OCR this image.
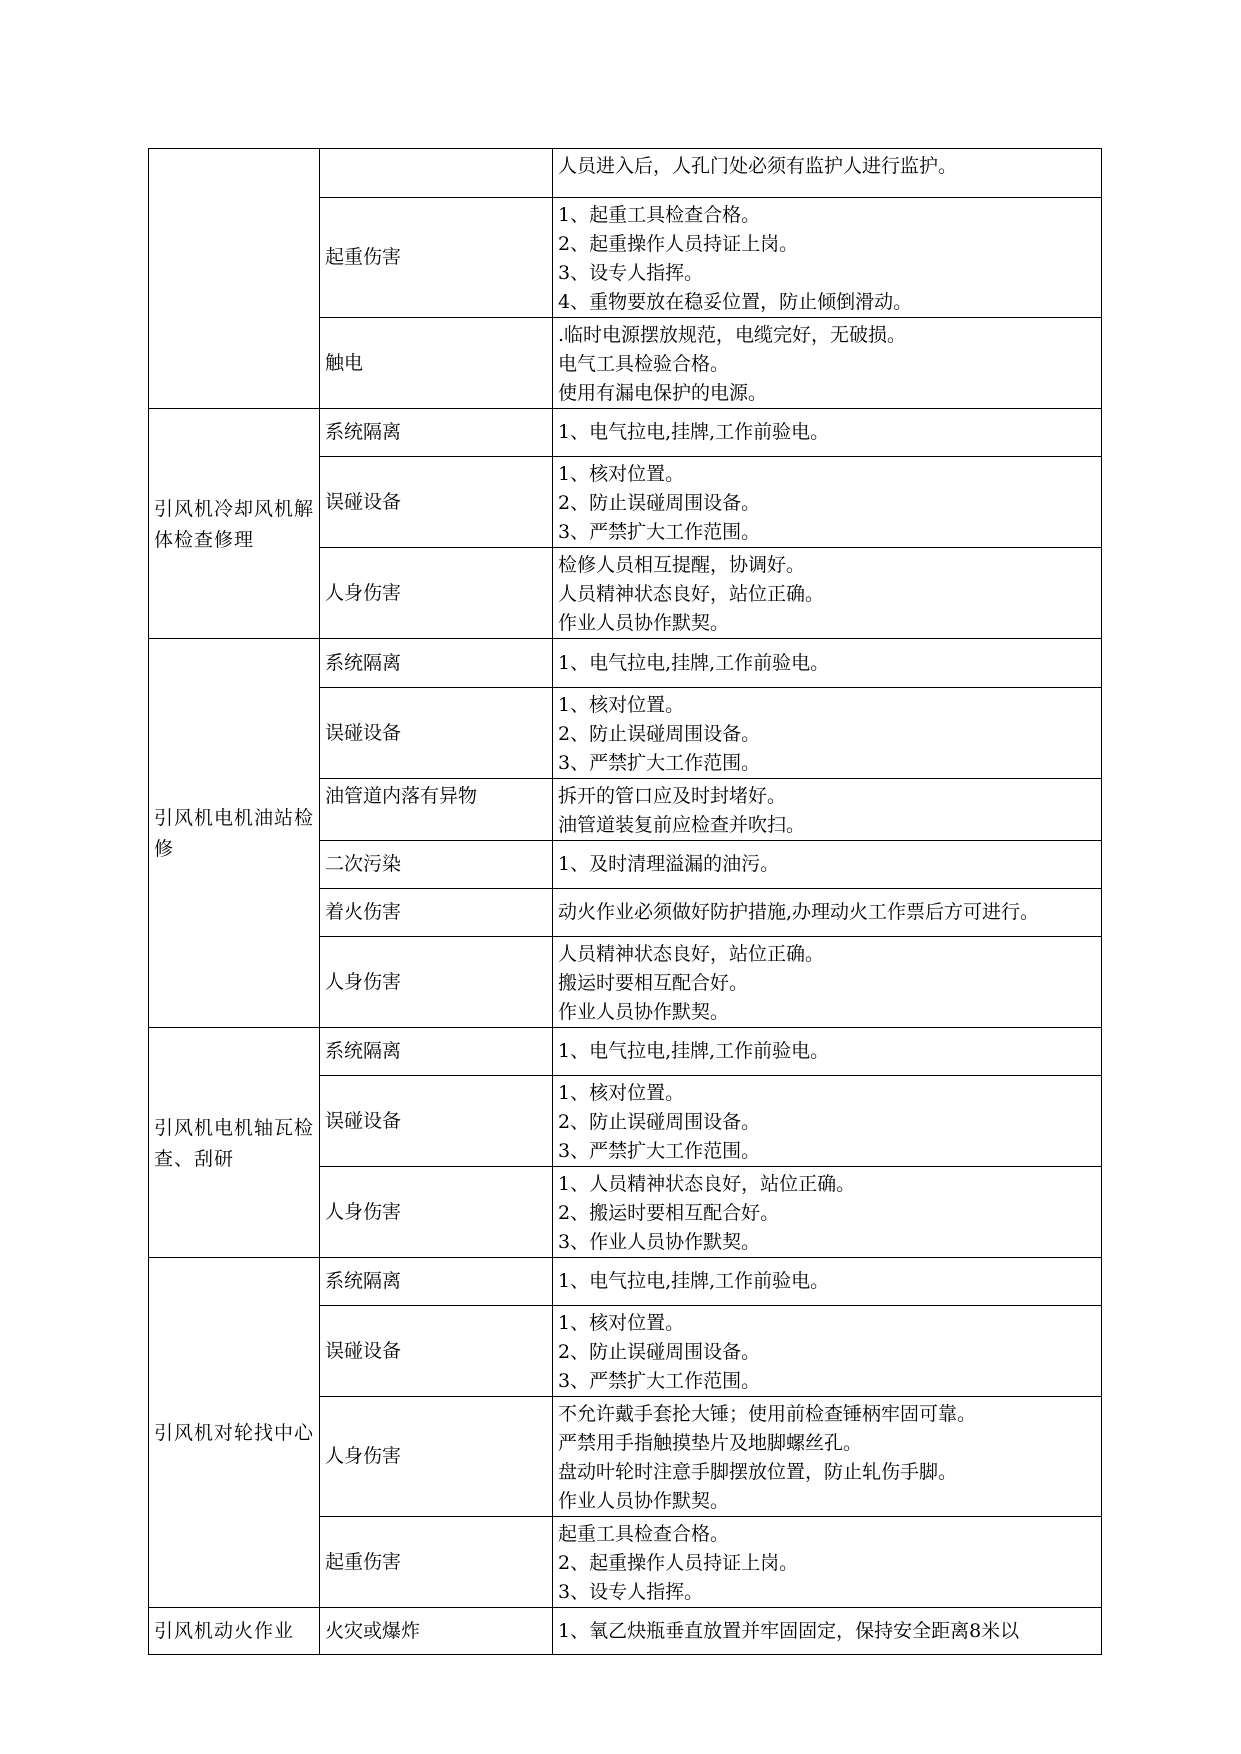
		人员进入后，人孔门处必须有监护人进行监护。

	起重伤害	1、起重工具检查合格。
2、起重操作人员持证上岗。
3、设专人指挥。
4、重物要放在稳妥位置，防止倾倒滑动。

	触电	.临时电源摆放规范，电缆完好，无破损。
电气工具检验合格。
使用有漏电保护的电源。

引风机冷却风机解体检查修理	系统隔离	1、电气拉电,挂牌,工作前验电。

	误碰设备	1、核对位置。
2、防止误碰周围设备。
3、严禁扩大工作范围。

	人身伤害	检修人员相互提醒，协调好。
人员精神状态良好，站位正确。
作业人员协作默契。

引风机电机油站检修	系统隔离	1、电气拉电,挂牌,工作前验电。

	误碰设备	1、核对位置。
2、防止误碰周围设备。
3、严禁扩大工作范围。

	油管道内落有异物	拆开的管口应及时封堵好。
油管道装复前应检查并吹扫。

	二次污染	1、及时清理溢漏的油污。

	着火伤害	动火作业必须做好防护措施,办理动火工作票后方可进行。

	人身伤害	人员精神状态良好，站位正确。
搬运时要相互配合好。
作业人员协作默契。

引风机电机轴瓦检查、刮研	系统隔离	1、电气拉电,挂牌,工作前验电。

	误碰设备	1、核对位置。
2、防止误碰周围设备。
3、严禁扩大工作范围。

	人身伤害	1、人员精神状态良好，站位正确。
2、搬运时要相互配合好。
3、作业人员协作默契。

引风机对轮找中心	系统隔离	1、电气拉电,挂牌,工作前验电。

	误碰设备	1、核对位置。
2、防止误碰周围设备。
3、严禁扩大工作范围。

	人身伤害	不允许戴手套抡大锤；使用前检查锤柄牢固可靠。
严禁用手指触摸垫片及地脚螺丝孔。
盘动叶轮时注意手脚摆放位置，防止轧伤手脚。
作业人员协作默契。

	起重伤害	起重工具检查合格。
2、起重操作人员持证上岗。
3、设专人指挥。

引风机动火作业	火灾或爆炸	1、氧乙炔瓶垂直放置并牢固固定，保持安全距离8米以
